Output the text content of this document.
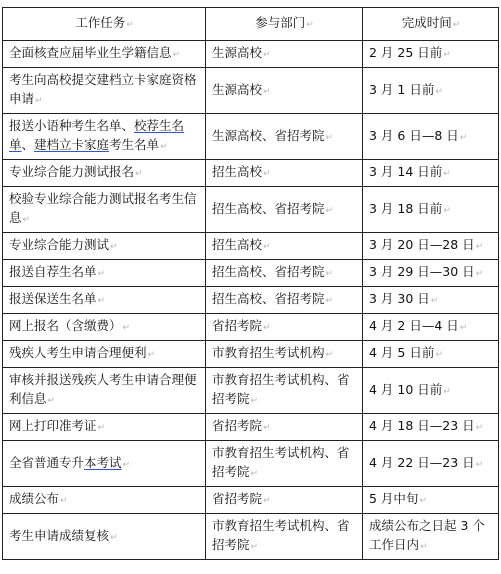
工作任务↵	参与部门↵	完成时间↵
全面核查应届毕业生学籍信息↵	生源高校↵	2 月 25 日前↵
考生向高校提交建档立卡家庭资格申请↵	生源高校↵	3 月 1 日前↵
报送小语种考生名单、校荐生名单、建档立卡家庭考生名单↵	生源高校、省招考院↵	3 月 6 日—8 日↵
专业综合能力测试报名↵	招生高校↵	3 月 14 日前↵
校验专业综合能力测试报名考生信息↵	招生高校、省招考院↵	3 月 18 日前↵
专业综合能力测试↵	招生高校↵	3 月 20 日—28 日↵
报送自荐生名单↵	招生高校、省招考院↵	3 月 29 日—30 日↵
报送保送生名单↵	招生高校、省招考院↵	3 月 30 日↵
网上报名（含缴费）↵	省招考院↵	4 月 2 日—4 日↵
残疾人考生申请合理便利↵	市教育招生考试机构↵	4 月 5 日前↵
审核并报送残疾人考生申请合理便利信息↵	市教育招生考试机构、省招考院↵	4 月 10 日前↵
网上打印准考证↵	省招考院↵	4 月 18 日—23 日↵
全省普通专升本考试↵	市教育招生考试机构、省招考院↵	4 月 22 日—23 日↵
成绩公布↵	省招考院↵	5 月中旬↵
考生申请成绩复核↵	市教育招生考试机构、省招考院↵	成绩公布之日起 3 个工作日内↵
